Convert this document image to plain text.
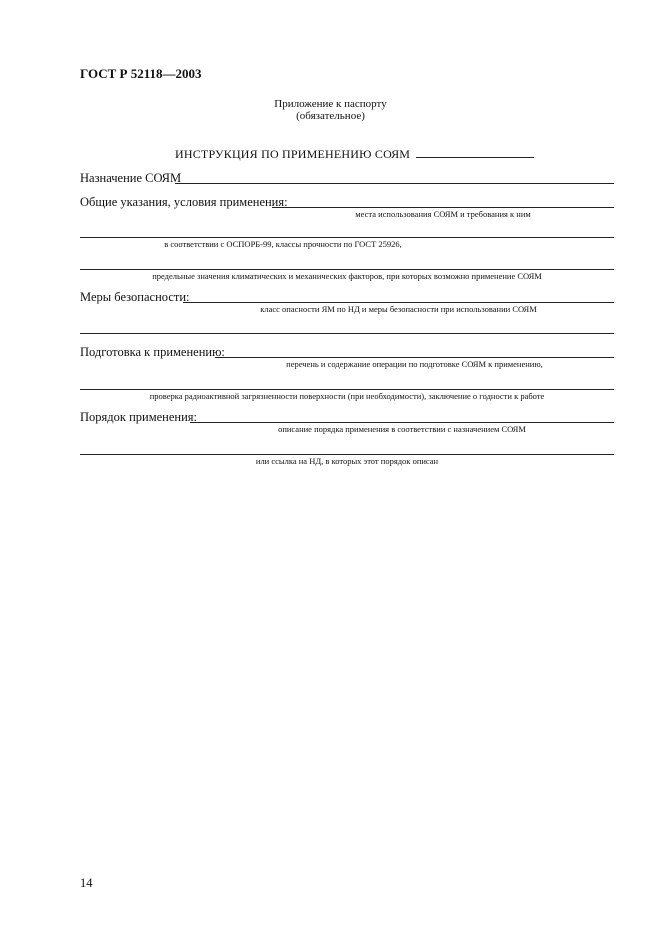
ГОСТ Р 52118—2003
Приложение к паспорту
(обязательное)
ИНСТРУКЦИЯ ПО ПРИМЕНЕНИЮ СОЯМ
Назначение СОЯМ
Общие указания, условия применения:
места использования СОЯМ и требования к ним
в соответствии с ОСПОРБ-99, классы прочности по ГОСТ 25926,
предельные значения климатических и механических факторов, при которых возможно применение СОЯМ
Меры безопасности:
класс опасности ЯМ по НД и меры безопасности при использовании СОЯМ
Подготовка к применению:
перечень и содержание операции по подготовке СОЯМ к применению,
проверка радиоактивной загрязненности поверхности (при необходимости), заключение о годности к работе
Порядок применения:
описание порядка применения в соответствии с назначением СОЯМ
или ссылка на НД, в которых этот порядок описан
14
